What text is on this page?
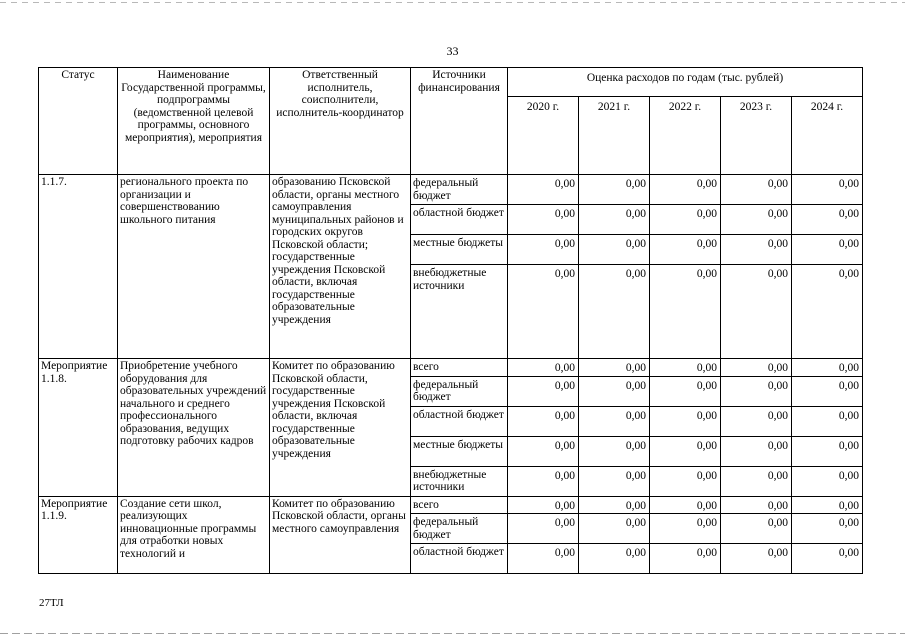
33
Статус	Наименование Государственной программы, подпрограммы (ведомственной целевой программы, основного мероприятия), мероприятия	Ответственный исполнитель, соисполнители, исполнитель-координатор	Источники финансирования	Оценка расходов по годам (тыс. рублей)				
				2020 г.	2021 г.	2022 г.	2023 г.	2024 г.
1.1.7.	регионального проекта по организации и совершенствованию школьного питания	образованию Псковской области, органы местного самоуправления муниципальных районов и городских округов Псковской области; государственные учреждения Псковской области, включая государственные образовательные учреждения	федеральный бюджет	0,00	0,00	0,00	0,00	0,00
			областной бюджет	0,00	0,00	0,00	0,00	0,00
			местные бюджеты	0,00	0,00	0,00	0,00	0,00
			внебюджетные источники	0,00	0,00	0,00	0,00	0,00
Мероприятие 1.1.8.	Приобретение учебного оборудования для образовательных учреждений начального и среднего профессионального образования, ведущих подготовку рабочих кадров	Комитет по образованию Псковской области, государственные учреждения Псковской области, включая государственные образовательные учреждения	всего	0,00	0,00	0,00	0,00	0,00
			федеральный бюджет	0,00	0,00	0,00	0,00	0,00
			областной бюджет	0,00	0,00	0,00	0,00	0,00
			местные бюджеты	0,00	0,00	0,00	0,00	0,00
			внебюджетные источники	0,00	0,00	0,00	0,00	0,00
Мероприятие 1.1.9.	Создание сети школ, реализующих инновационные программы для отработки новых технологий и	Комитет по образованию Псковской области, органы местного самоуправления	всего	0,00	0,00	0,00	0,00	0,00
			федеральный бюджет	0,00	0,00	0,00	0,00	0,00
			областной бюджет	0,00	0,00	0,00	0,00	0,00
27ТЛ
